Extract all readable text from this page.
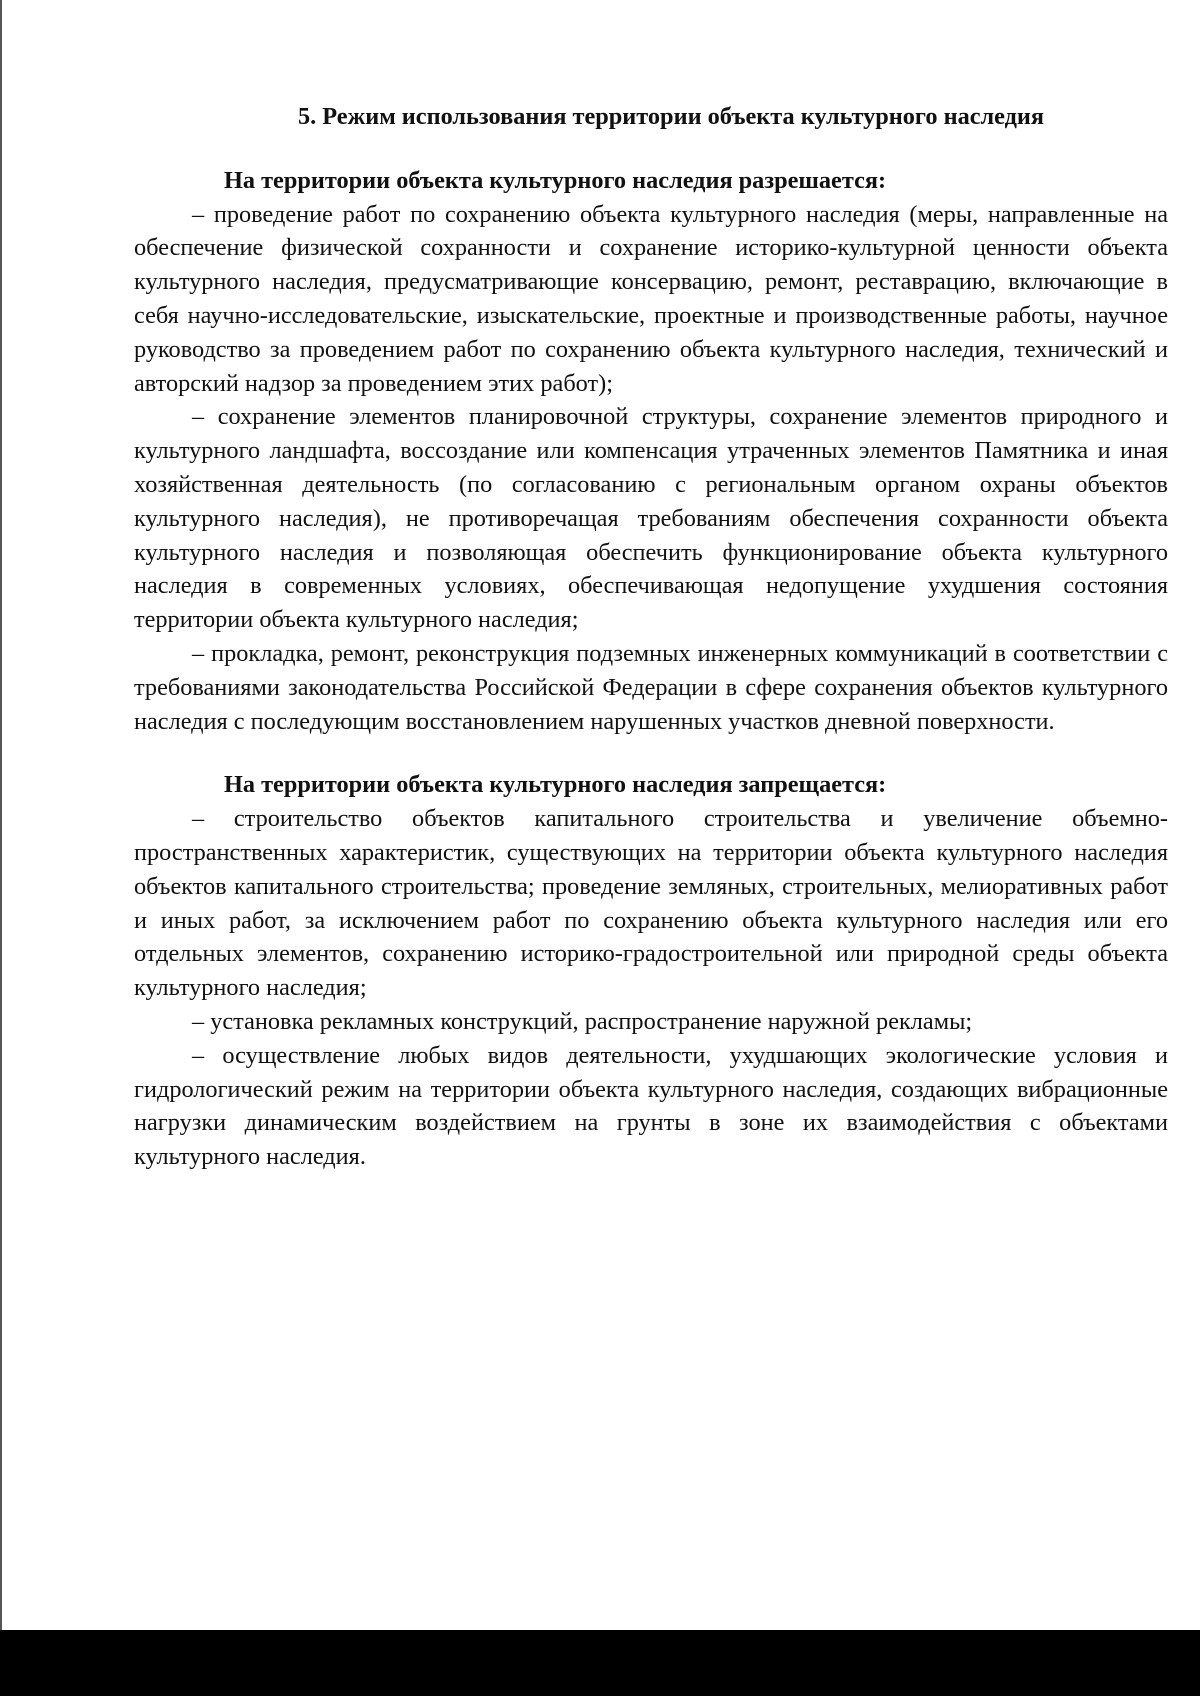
5. Режим использования территории объекта культурного наследия

На территории объекта культурного наследия разрешается:

– проведение работ по сохранению объекта культурного наследия (меры, направленные на обеспечение физической сохранности и сохранение историко-культурной ценности объекта культурного наследия, предусматривающие консервацию, ремонт, реставрацию, включающие в себя научно-исследовательские, изыскательские, проектные и производственные работы, научное руководство за проведением работ по сохранению объекта культурного наследия, технический и авторский надзор за проведением этих работ);

– сохранение элементов планировочной структуры, сохранение элементов природного и культурного ландшафта, воссоздание или компенсация утраченных элементов Памятника и иная хозяйственная деятельность (по согласованию с региональным органом охраны объектов культурного наследия), не противоречащая требованиям обеспечения сохранности объекта культурного наследия и позволяющая обеспечить функционирование объекта культурного наследия в современных условиях, обеспечивающая недопущение ухудшения состояния территории объекта культурного наследия;

– прокладка, ремонт, реконструкция подземных инженерных коммуникаций в соответствии с требованиями законодательства Российской Федерации в сфере сохранения объектов культурного наследия с последующим восстановлением нарушенных участков дневной поверхности.

На территории объекта культурного наследия запрещается:

– строительство объектов капитального строительства и увеличение объемно-пространственных характеристик, существующих на территории объекта культурного наследия объектов капитального строительства; проведение земляных, строительных, мелиоративных работ и иных работ, за исключением работ по сохранению объекта культурного наследия или его отдельных элементов, сохранению историко-градостроительной или природной среды объекта культурного наследия;

– установка рекламных конструкций, распространение наружной рекламы;

– осуществление любых видов деятельности, ухудшающих экологические условия и гидрологический режим на территории объекта культурного наследия, создающих вибрационные нагрузки динамическим воздействием на грунты в зоне их взаимодействия с объектами культурного наследия.
